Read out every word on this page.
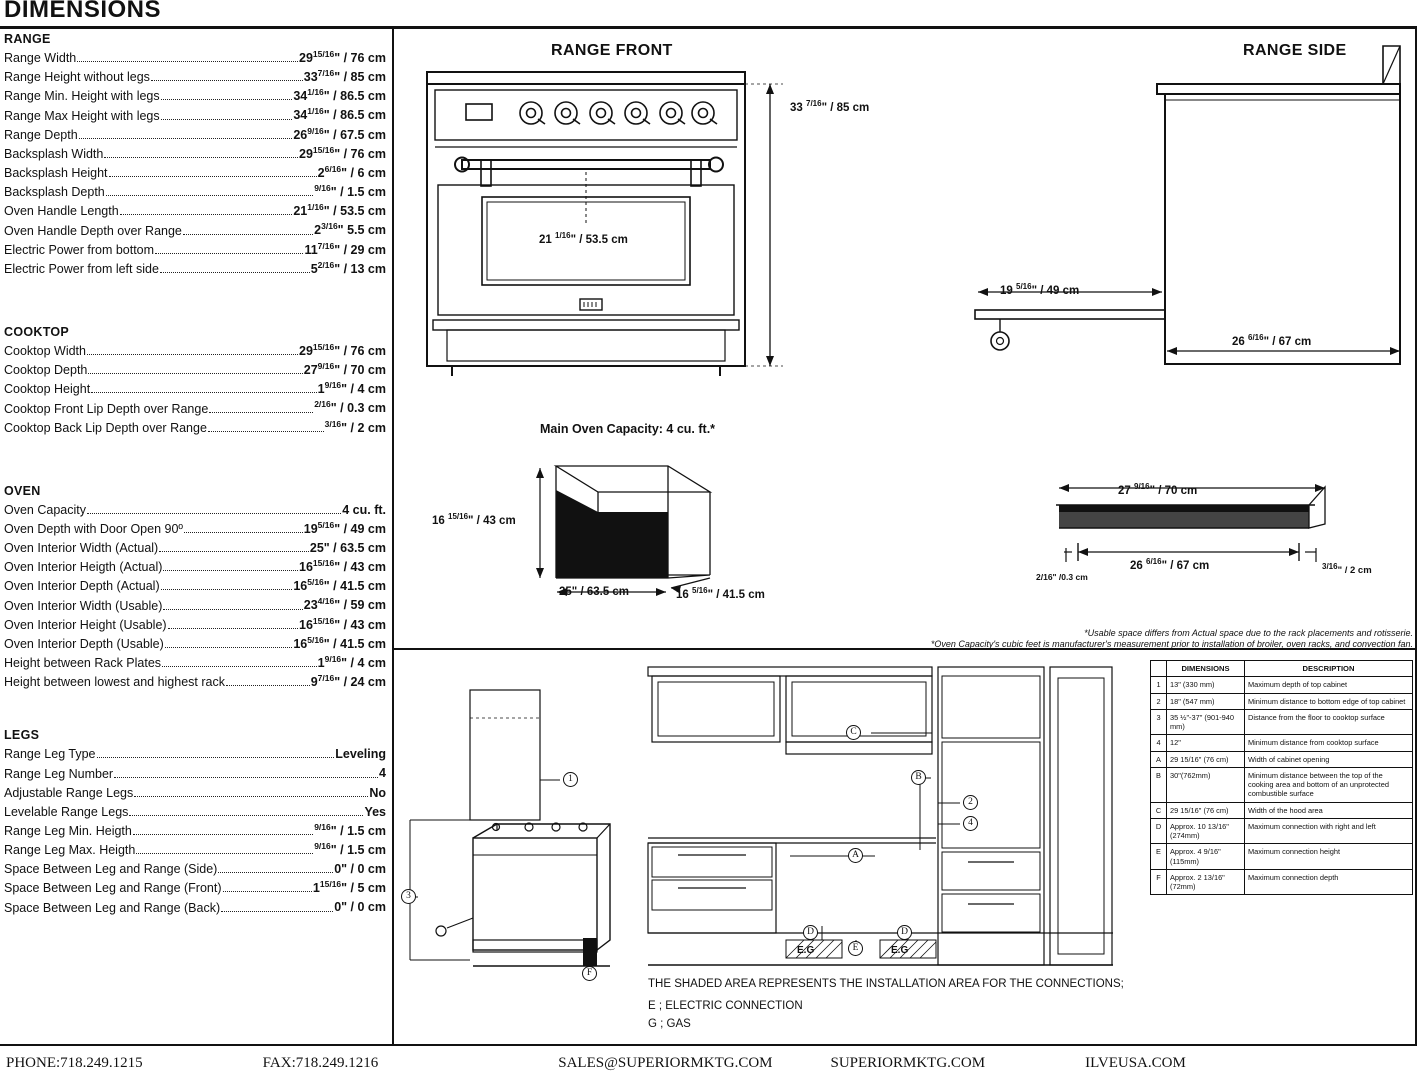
DIMENSIONS
RANGE
Range Width	$29^{15/16}$" / 76 cm
Range Height without legs	$33^{7/16}$" / 85 cm
Range Min. Height with legs	$34^{1/16}$" / 86.5 cm
Range Max Height with legs	$34^{1/16}$" / 86.5 cm
Range Depth	$26^{9/16}$" / 67.5 cm
Backsplash Width	$29^{15/16}$" / 76 cm
Backsplash Height	$2^{6/16}$" / 6 cm
Backsplash Depth	$^{9/16}$" / 1.5 cm
Oven Handle Length	$21^{1/16}$" / 53.5 cm
Oven Handle Depth over Range	$2^{3/16}$" 5.5 cm
Electric Power from bottom	$11^{7/16}$" / 29 cm
Electric Power from left side	$5^{2/16}$" / 13 cm
COOKTOP
Cooktop Width	$29^{15/16}$" / 76 cm
Cooktop Depth	$27^{9/16}$" / 70 cm
Cooktop Height	$1^{9/16}$" / 4 cm
Cooktop Front Lip Depth over Range	$^{2/16}$" / 0.3 cm
Cooktop Back Lip Depth over Range	$^{3/16}$" / 2 cm
OVEN
Oven Capacity	4 cu. ft.
Oven Depth with Door Open 90º	$19^{5/16}$" / 49 cm
Oven Interior Width (Actual)	25" / 63.5 cm
Oven Interior Heigth (Actual)	$16^{15/16}$" / 43 cm
Oven Interior Depth (Actual)	$16^{5/16}$" / 41.5 cm
Oven Interior Width (Usable)	$23^{4/16}$" / 59 cm
Oven Interior Height (Usable)	$16^{15/16}$" / 43 cm
Oven Interior Depth (Usable)	$16^{5/16}$" / 41.5 cm
Height between Rack Plates	$1^{9/16}$" / 4 cm
Height between lowest and highest rack	$9^{7/16}$" / 24 cm
LEGS
Range Leg Type	Leveling
Range Leg Number	4
Adjustable Range Legs	No
Levelable Range Legs	Yes
Range Leg Min. Heigth	$^{9/16}$" / 1.5 cm
Range Leg Max. Heigth	$^{9/16}$" / 1.5 cm
Space Between Leg and Range (Side)	0" / 0 cm
Space Between Leg and Range (Front)	$1^{15/16}$" / 5 cm
Space Between Leg and Range (Back)	0" / 0 cm
RANGE FRONT
33 $^{7/16}$" / 85 cm
21 $^{1/16}$" / 53.5 cm
RANGE SIDE
19 $^{5/16}$" / 49 cm
26 $^{6/16}$" / 67 cm
Main Oven Capacity: 4 cu. ft.*
16 $^{15/16}$" / 43 cm
25" / 63.5 cm	16 $^{5/16}$" / 41.5 cm
27 $^{9/16}$" / 70 cm
26 $^{6/16}$" / 67 cm
2/16" /0.3 cm
$^{3/16}$" / 2 cm
*Usable space differs from Actual space due to the rack placements and rotisserie.
*Oven Capacity's cubic feet is manufacturer's measurement prior to installation of broiler, oven racks, and convection fan.
1
2
3
4
A
B
C
D	D
E
F
E.G	E.G
THE SHADED AREA REPRESENTS THE INSTALLATION AREA FOR THE CONNECTIONS;
E ; ELECTRIC CONNECTION
G ; GAS
	DIMENSIONS	DESCRIPTION
1	13" (330 mm)	Maximum depth of top cabinet
2	18" (547 mm)	Minimum distance to bottom edge of top cabinet
3	35 ½"-37" (901-940 mm)	Distance from the floor to cooktop surface
4	12"	Minimum distance from cooktop surface
A	29 15/16" (76 cm)	Width of cabinet opening
B	30"(762mm)	Minimum distance between the top of the cooking area and bottom of an unprotected combustible surface
C	29 15/16" (76 cm)	Width of the hood area
D	Approx. 10 13/16" (274mm)	Maximum connection with right and left
E	Approx. 4 9/16" (115mm)	Maximum connection height
F	Approx. 2 13/16" (72mm)	Maximum connection depth
PHONE:718.249.1215	FAX:718.249.1216	SALES@SUPERIORMKTG.COM	SUPERIORMKTG.COM	ILVEUSA.COM
